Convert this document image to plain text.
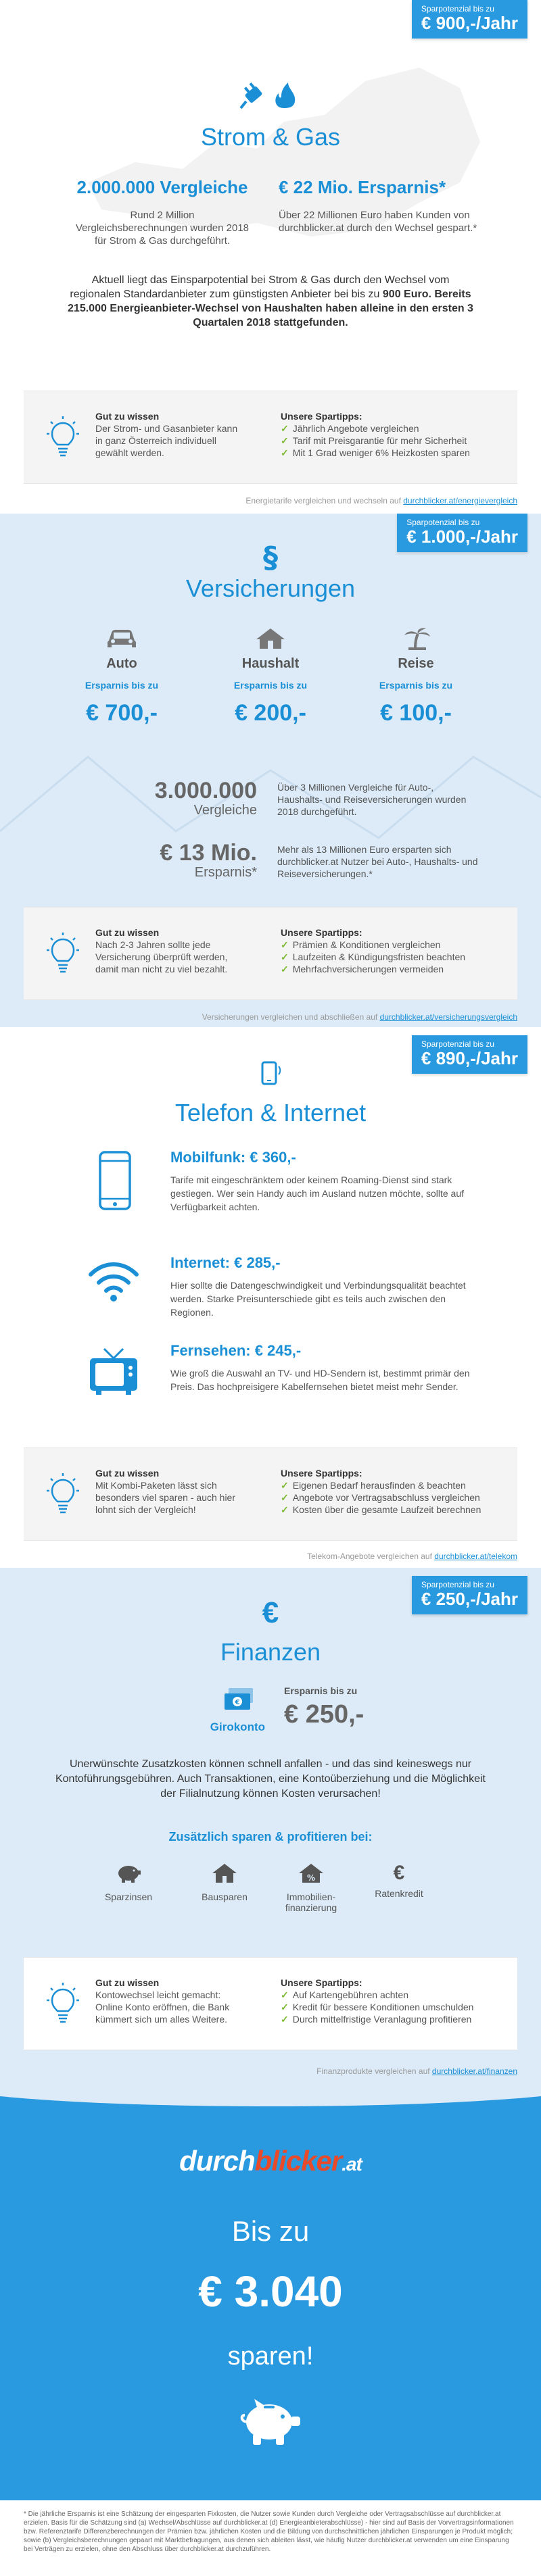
Sparpotenzial bis zu
€ 900,-/Jahr
Strom & Gas
2.000.000 Vergleiche
Rund 2 Million Vergleichsberechnungen wurden 2018 für Strom & Gas durchgeführt.
€ 22 Mio. Ersparnis*
Über 22 Millionen Euro haben Kunden von durchblicker.at durch den Wechsel gespart.*

Aktuell liegt das Einsparpotential bei Strom & Gas durch den Wechsel vom regionalen Standardanbieter zum günstigsten Anbieter bei bis zu 900 Euro. Bereits 215.000 Energieanbieter-Wechsel von Haushalten haben alleine in den ersten 3 Quartalen 2018 stattgefunden.

Gut zu wissen
Der Strom- und Gasanbieter kann in ganz Österreich individuell gewählt werden.
Unsere Spartipps:
✓ Jährlich Angebote vergleichen
✓ Tarif mit Preisgarantie für mehr Sicherheit
✓ Mit 1 Grad weniger 6% Heizkosten sparen
Energietarife vergleichen und wechseln auf durchblicker.at/energievergleich
Sparpotenzial bis zu
€ 1.000,-/Jahr
§
Versicherungen
Auto
Ersparnis bis zu
€ 700,-
Haushalt
Ersparnis bis zu
€ 200,-
Reise
Ersparnis bis zu
€ 100,-
3.000.000
Vergleiche
Über 3 Millionen Vergleiche für Auto-, Haushalts- und Reiseversicherungen wurden 2018 durchgeführt.
€ 13 Mio.
Ersparnis*
Mehr als 13 Millionen Euro ersparten sich durchblicker.at Nutzer bei Auto-, Haushalts- und Reiseversicherungen.*
Gut zu wissen
Nach 2-3 Jahren sollte jede Versicherung überprüft werden, damit man nicht zu viel bezahlt.
Unsere Spartipps:
✓ Prämien & Konditionen vergleichen
✓ Laufzeiten & Kündigungsfristen beachten
✓ Mehrfachversicherungen vermeiden
Versicherungen vergleichen und abschließen auf durchblicker.at/versicherungsvergleich
Sparpotenzial bis zu
€ 890,-/Jahr
Telefon & Internet
Mobilfunk: € 360,-
Tarife mit eingeschränktem oder keinem Roaming-Dienst sind stark gestiegen. Wer sein Handy auch im Ausland nutzen möchte, sollte auf Verfügbarkeit achten.
Internet: € 285,-
Hier sollte die Datengeschwindigkeit und Verbindungsqualität beachtet werden. Starke Preisunterschiede gibt es teils auch zwischen den Regionen.
Fernsehen: € 245,-
Wie groß die Auswahl an TV- und HD-Sendern ist, bestimmt primär den Preis. Das hochpreisigere Kabelfernsehen bietet meist mehr Sender.
Gut zu wissen
Mit Kombi-Paketen lässt sich besonders viel sparen - auch hier lohnt sich der Vergleich!
Unsere Spartipps:
✓ Eigenen Bedarf herausfinden & beachten
✓ Angebote vor Vertragsabschluss vergleichen
✓ Kosten über die gesamte Laufzeit berechnen
Telekom-Angebote vergleichen auf durchblicker.at/telekom
Sparpotenzial bis zu
€ 250,-/Jahr
€
Finanzen
€
Girokonto
Ersparnis bis zu
€ 250,-

Unerwünschte Zusatzkosten können schnell anfallen - und das sind keineswegs nur Kontoführungsgebühren. Auch Transaktionen, eine Kontoüberziehung und die Möglichkeit der Filialnutzung können Kosten verursachen!

Zusätzlich sparen & profitieren bei:
Sparzinsen	Bausparen
%
Immobilien-
finanzierung
€
Ratenkredit
Gut zu wissen
Kontowechsel leicht gemacht: Online Konto eröffnen, die Bank kümmert sich um alles Weitere.
Unsere Spartipps:
✓ Auf Kartengebühren achten
✓ Kredit für bessere Konditionen umschulden
✓ Durch mittelfristige Veranlagung profitieren
Finanzprodukte vergleichen auf durchblicker.at/finanzen
durchblicker.at
Bis zu
€ 3.040
sparen!

* Die jährliche Ersparnis ist eine Schätzung der eingesparten Fixkosten, die Nutzer sowie Kunden durch Vergleiche oder Vertragsabschlüsse auf durchblicker.at erzielen. Basis für die Schätzung sind (a) Wechsel/Abschlüsse auf durchblicker.at (d) Energieanbieterabschlüsse) - hier sind auf Basis der Vorvertragsinformationen bzw. Referenztarife Differenzberechnungen der Prämien bzw. jährlichen Kosten und die Bildung von durchschnittlichen jährlichen Einsparungen je Produkt möglich; sowie (b) Vergleichsberechnungen gepaart mit Marktbefragungen, aus denen sich ableiten lässt, wie häufig Nutzer durchblicker.at verwenden um eine Einsparung bei Verträgen zu erzielen, ohne den Abschluss über durchblicker.at durchzuführen.
